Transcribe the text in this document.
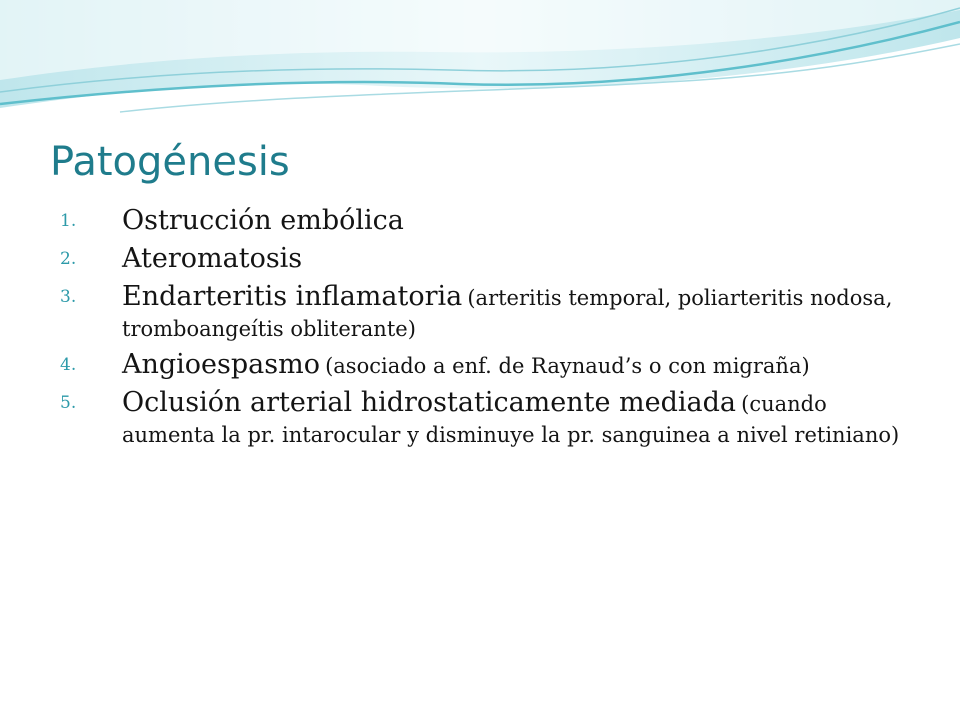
Patogénesis
1.	Ostrucción embólica
2.	Ateromatosis
3.	Endarteritis inflamatoria (arteritis temporal, poliarteritis nodosa, tromboangeítis obliterante)
4.	Angioespasmo (asociado a enf. de Raynaud’s o con migraña)
5.	Oclusión arterial hidrostaticamente mediada (cuando aumenta la pr. intarocular y disminuye la pr. sanguinea a nivel retiniano)
